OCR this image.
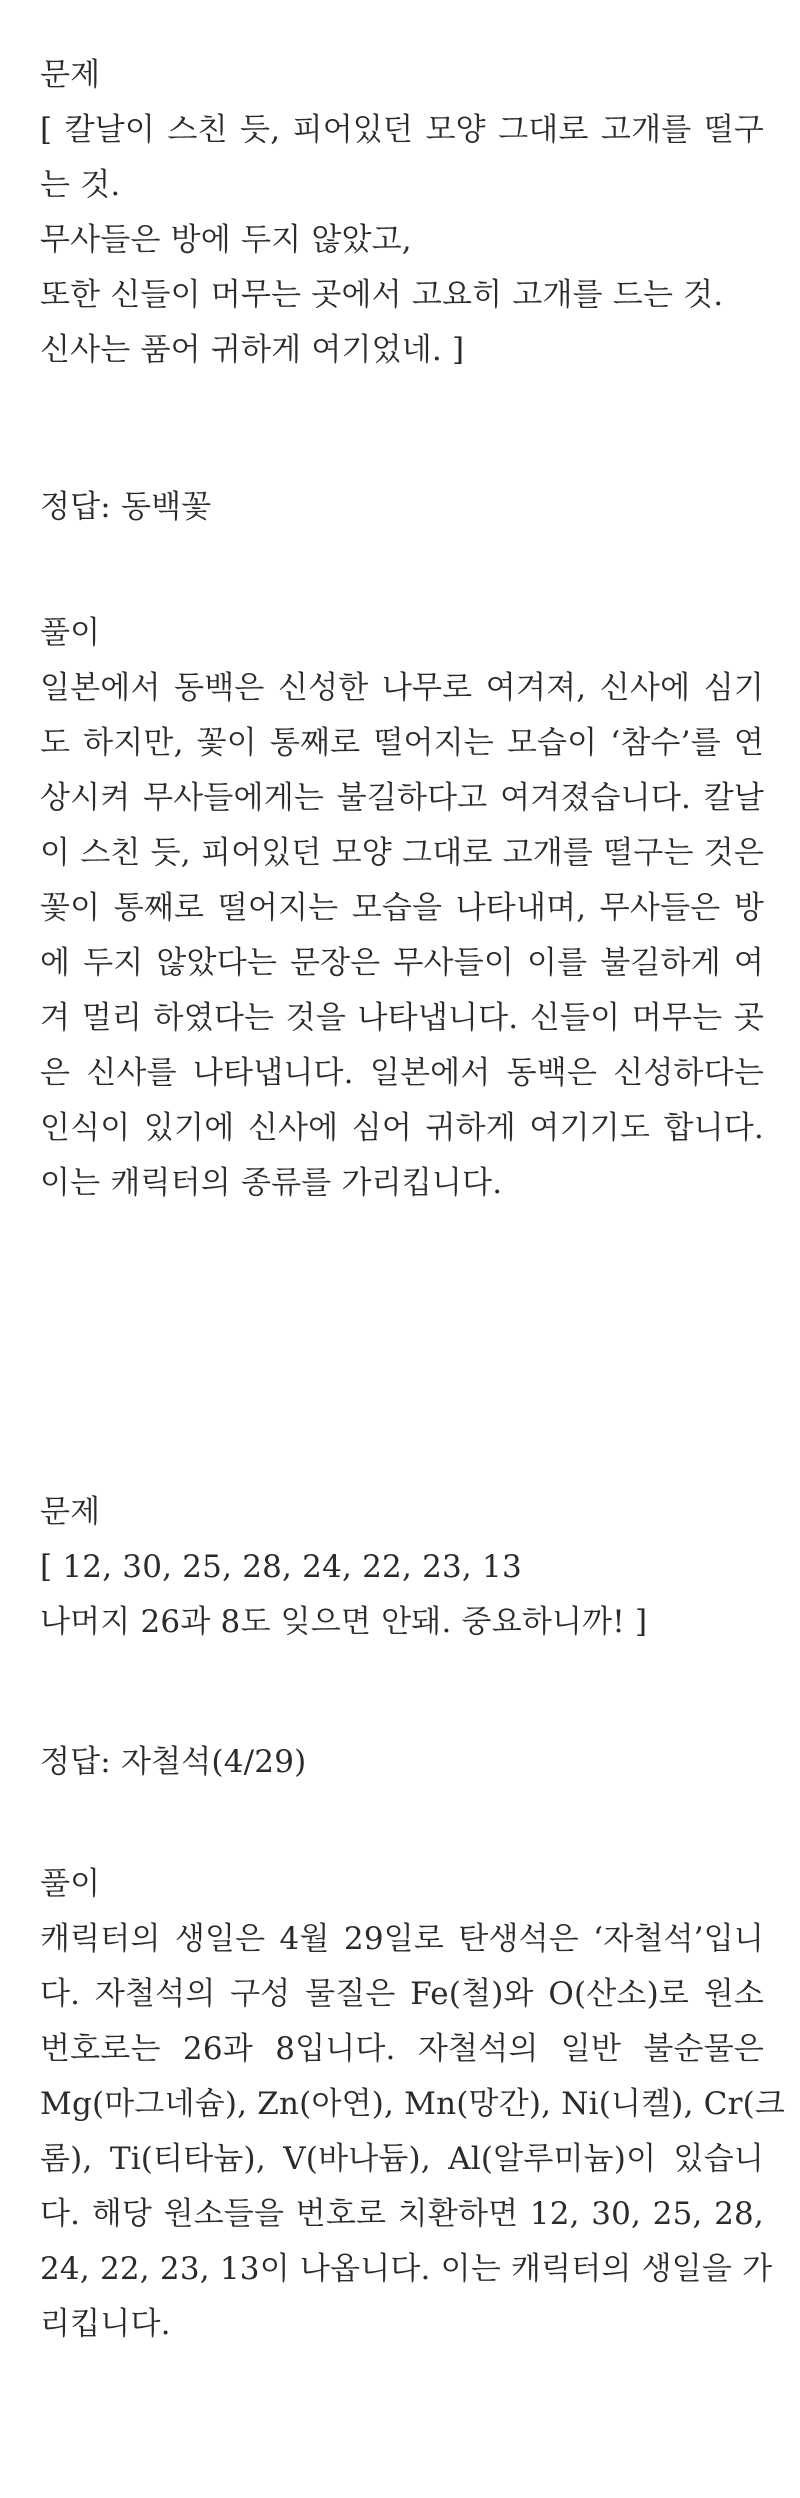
문제
[ 칼날이 스친 듯, 피어있던 모양 그대로 고개를 떨구
는 것.
무사들은 방에 두지 않았고,
또한 신들이 머무는 곳에서 고요히 고개를 드는 것.
신사는 품어 귀하게 여기었네. ]
정답: 동백꽃
풀이
일본에서 동백은 신성한 나무로 여겨져, 신사에 심기
도 하지만, 꽃이 통째로 떨어지는 모습이 ‘참수’를 연
상시켜 무사들에게는 불길하다고 여겨졌습니다. 칼날
이 스친 듯, 피어있던 모양 그대로 고개를 떨구는 것은
꽃이 통째로 떨어지는 모습을 나타내며, 무사들은 방
에 두지 않았다는 문장은 무사들이 이를 불길하게 여
겨 멀리 하였다는 것을 나타냅니다. 신들이 머무는 곳
은 신사를 나타냅니다. 일본에서 동백은 신성하다는
인식이 있기에 신사에 심어 귀하게 여기기도 합니다.
이는 캐릭터의 종류를 가리킵니다.
문제
[ 12, 30, 25, 28, 24, 22, 23, 13
나머지 26과 8도 잊으면 안돼. 중요하니까! ]
정답: 자철석(4/29)
풀이
캐릭터의 생일은 4월 29일로 탄생석은 ‘자철석’입니
다. 자철석의 구성 물질은 Fe(철)와 O(산소)로 원소
번호로는 26과 8입니다. 자철석의 일반 불순물은
Mg(마그네슘), Zn(아연), Mn(망간), Ni(니켈), Cr(크
롬), Ti(티타늄), V(바나듐), Al(알루미늄)이 있습니
다. 해당 원소들을 번호로 치환하면 12, 30, 25, 28,
24, 22, 23, 13이 나옵니다. 이는 캐릭터의 생일을 가
리킵니다.
